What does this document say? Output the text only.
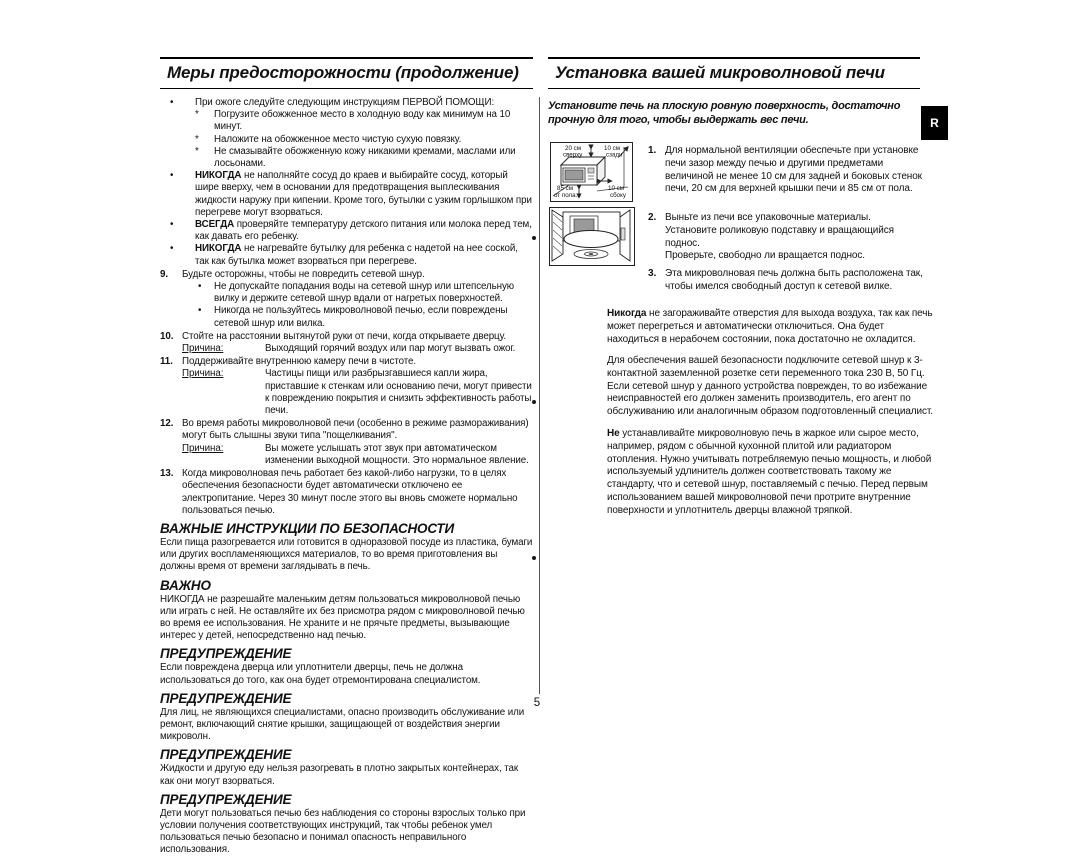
Меры предосторожности (продолжение)
•	При ожоге следуйте следующим инструкциям ПЕРВОЙ ПОМОЩИ:
*	Погрузите обожженное место в холодную воду как минимум на 10 минут.
*	Наложите на обожженное место чистую сухую повязку.
*	Не смазывайте обожженную кожу никакими кремами, маслами или лосьонами.
•	НИКОГДА не наполняйте сосуд до краев и выбирайте сосуд, который шире вверху, чем в основании для предотвращения выплескивания жидкости наружу при кипении. Кроме того, бутылки с узким горлышком при перегреве могут взорваться.
•	ВСЕГДА проверяйте температуру детского питания или молока перед тем, как давать его ребенку.
•	НИКОГДА не нагревайте бутылку для ребенка с надетой на нее соской, так как бутылка может взорваться при перегреве.
9.	Будьте осторожны, чтобы не повредить сетевой шнур.
•	Не допускайте попадания воды на сетевой шнур или штепсельную вилку и держите сетевой шнур вдали от нагретых поверхностей.
•	Никогда не пользуйтесь микроволновой печью, если повреждены сетевой шнур или вилка.
10. Стойте на расстоянии вытянутой руки от печи, когда открываете дверцу.
Причина:	Выходящий горячий воздух или пар могут вызвать ожог.
11. Поддерживайте внутреннюю камеру печи в чистоте.
Причина:	Частицы пищи или разбрызгавшиеся капли жира, приставшие к стенкам или основанию печи, могут привести к повреждению покрытия и снизить эффективность работы печи.
12. Во время работы микроволновой печи (особенно в режиме размораживания) могут быть слышны звуки типа "пощелкивания".
Причина:	Вы можете услышать этот звук при автоматическом изменении выходной мощности. Это нормальное явление.
13. Когда микроволновая печь работает без какой-либо нагрузки, то в целях обеспечения безопасности будет автоматически отключено ее электропитание. Через 30 минут после этого вы вновь сможете нормально пользоваться печью.
ВАЖНЫЕ ИНСТРУКЦИИ ПО БЕЗОПАСНОСТИ
Если пища разогревается или готовится в одноразовой посуде из пластика, бумаги или других воспламеняющихся материалов, то во время приготовления вы должны время от времени заглядывать в печь.
ВАЖНО
НИКОГДА не разрешайте маленьким детям пользоваться микроволновой печью или играть с ней. Не оставляйте их без присмотра рядом с микроволновой печью во время ее использования. Не храните и не прячьте предметы, вызывающие интерес у детей, непосредственно над печью.
ПРЕДУПРЕЖДЕНИЕ
Если повреждена дверца или уплотнители дверцы, печь не должна использоваться до того, как она будет отремонтирована специалистом.
ПРЕДУПРЕЖДЕНИЕ
Для лиц, не являющихся специалистами, опасно производить обслуживание или ремонт, включающий снятие крышки, защищающей от воздействия энергии микроволн.
ПРЕДУПРЕЖДЕНИЕ
Жидкости и другую еду нельзя разогревать в плотно закрытых контейнерах, так как они могут взорваться.
ПРЕДУПРЕЖДЕНИЕ
Дети могут пользоваться печью без наблюдения со стороны взрослых только при условии получения соответствующих инструкций, так чтобы ребенок умел пользоваться печью безопасно и понимал опасность неправильного использования.
Установка вашей микроволновой печи
Установите печь на плоскую ровную поверхность, достаточно прочную для того, чтобы выдержать вес печи.
20 см
сверху
10 см
сзади
85 см
от пола.
10 см
сбоку
1. Для нормальной вентиляции обеспечьте при установке печи зазор между печью и другими предметами величиной не менее 10 см для задней и боковых стенок печи, 20 см для верхней крышки печи и 85 см от пола.
2. Выньте из печи все упаковочные материалы.
Установите роликовую подставку и вращающийся поднос.
Проверьте, свободно ли вращается поднос.
3. Эта микроволновая печь должна быть расположена так, чтобы имелся свободный доступ к сетевой вилке.
Никогда не загораживайте отверстия для выхода воздуха, так как печь может перегреться и автоматически отключиться. Она будет находиться в нерабочем состоянии, пока достаточно не охладится.
Для обеспечения вашей безопасности подключите сетевой шнур к 3-контактной заземленной розетке сети переменного тока 230 В, 50 Гц. Если сетевой шнур у данного устройства поврежден, то во избежание неисправностей его должен заменить производитель, его агент по обслуживанию или аналогичным образом подготовленный специалист.
Не устанавливайте микроволновую печь в жаркое или сырое место, например, рядом с обычной кухонной плитой или радиатором отопления. Нужно учитывать потребляемую печью мощность, и любой используемый удлинитель должен соответствовать такому же стандарту, что и сетевой шнур, поставляемый с печью. Перед первым использованием вашей микроволновой печи протрите внутренние поверхности и уплотнитель дверцы влажной тряпкой.
R
5
